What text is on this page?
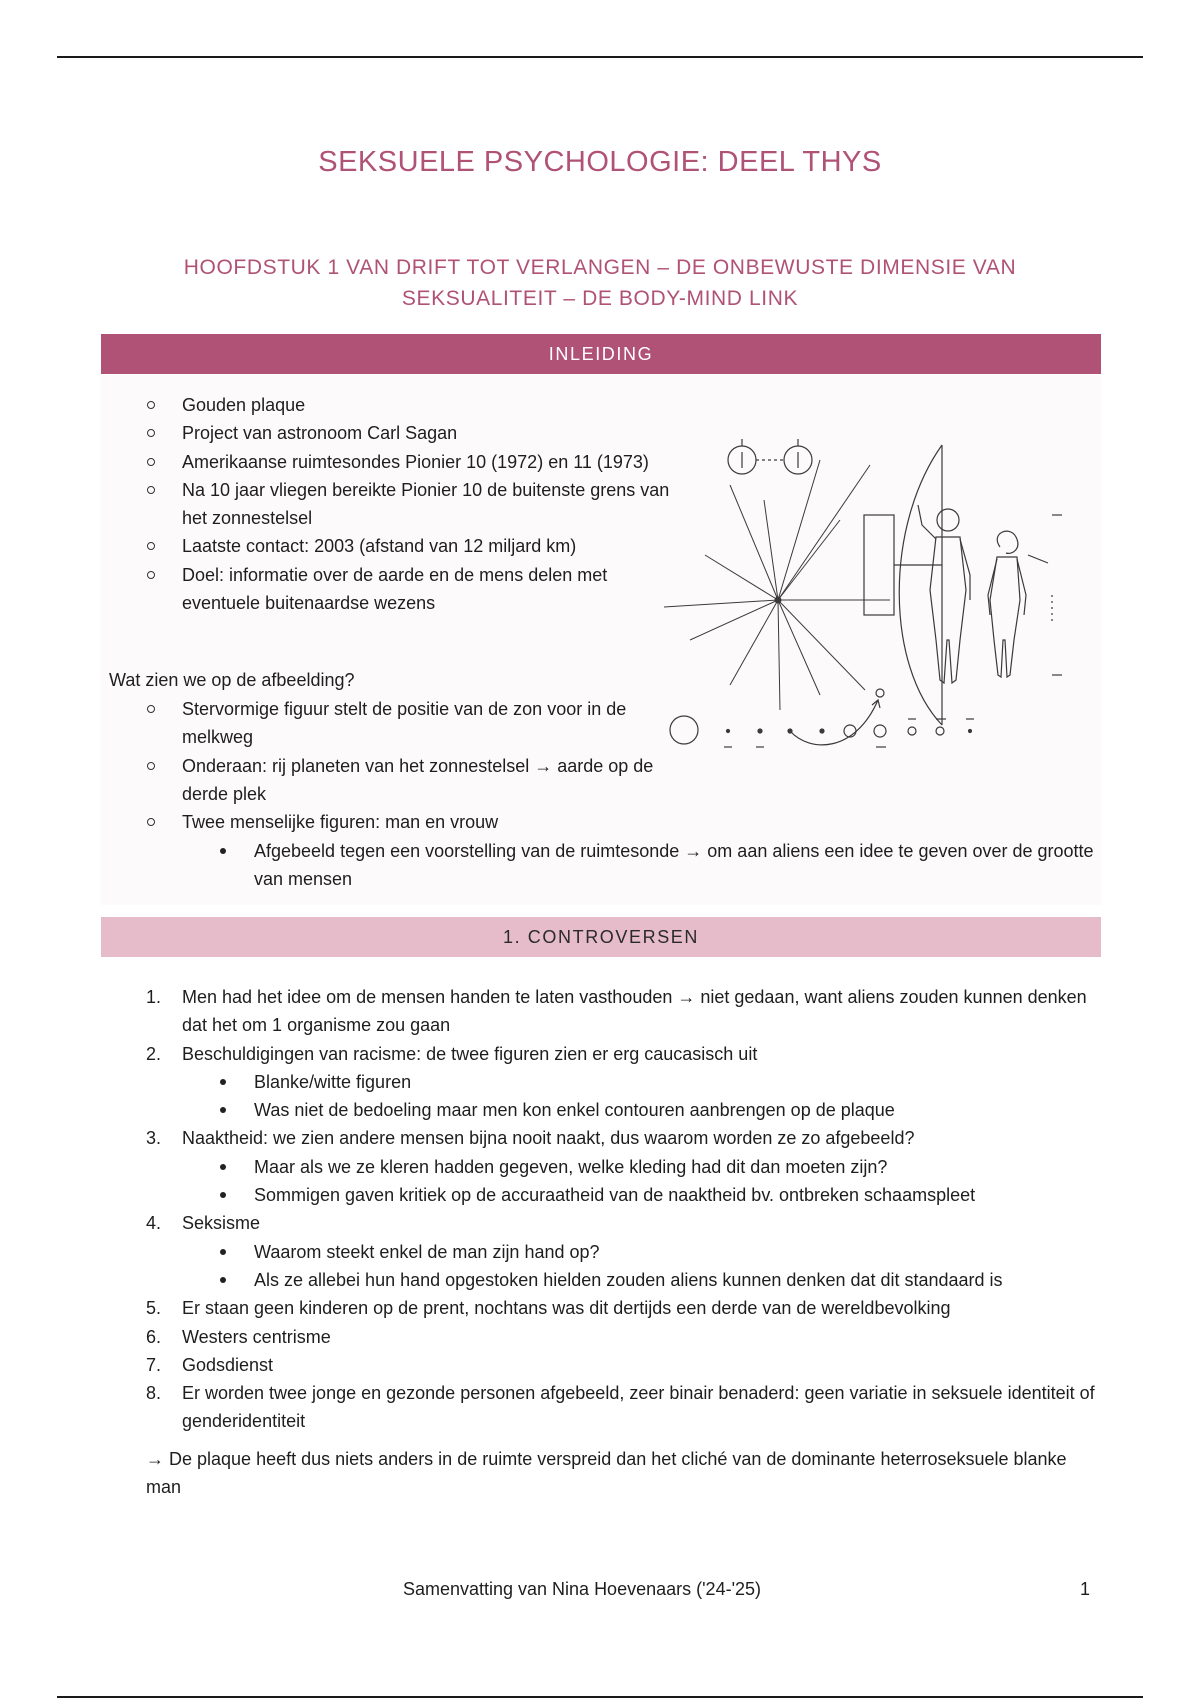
SEKSUELE PSYCHOLOGIE: DEEL THYS
HOOFDSTUK 1 VAN DRIFT TOT VERLANGEN – DE ONBEWUSTE DIMENSIE VAN SEKSUALITEIT – DE BODY-MIND LINK
INLEIDING
Gouden plaque
Project van astronoom Carl Sagan
Amerikaanse ruimtesondes Pionier 10 (1972) en 11 (1973)
Na 10 jaar vliegen bereikte Pionier 10 de buitenste grens van het zonnestelsel
Laatste contact: 2003 (afstand van 12 miljard km)
Doel: informatie over de aarde en de mens delen met eventuele buitenaardse wezens
Wat zien we op de afbeelding?
Stervormige figuur stelt de positie van de zon voor in de melkweg
Onderaan: rij planeten van het zonnestelsel → aarde op de derde plek
Twee menselijke figuren: man en vrouw
Afgebeeld tegen een voorstelling van de ruimtesonde → om aan aliens een idee te geven over de grootte van mensen
1. CONTROVERSEN
1. Men had het idee om de mensen handen te laten vasthouden → niet gedaan, want aliens zouden kunnen denken dat het om 1 organisme zou gaan
2. Beschuldigingen van racisme: de twee figuren zien er erg caucasisch uit
Blanke/witte figuren
Was niet de bedoeling maar men kon enkel contouren aanbrengen op de plaque
3. Naaktheid: we zien andere mensen bijna nooit naakt, dus waarom worden ze zo afgebeeld?
Maar als we ze kleren hadden gegeven, welke kleding had dit dan moeten zijn?
Sommigen gaven kritiek op de accuraatheid van de naaktheid bv. ontbreken schaamspleet
4. Seksisme
Waarom steekt enkel de man zijn hand op?
Als ze allebei hun hand opgestoken hielden zouden aliens kunnen denken dat dit standaard is
5. Er staan geen kinderen op de prent, nochtans was dit dertijds een derde van de wereldbevolking
6. Westers centrisme
7. Godsdienst
8. Er worden twee jonge en gezonde personen afgebeeld, zeer binair benaderd: geen variatie in seksuele identiteit of genderidentiteit
→ De plaque heeft dus niets anders in de ruimte verspreid dan het cliché van de dominante heterroseksuele blanke man
Samenvatting van Nina Hoevenaars ('24-'25)	1
